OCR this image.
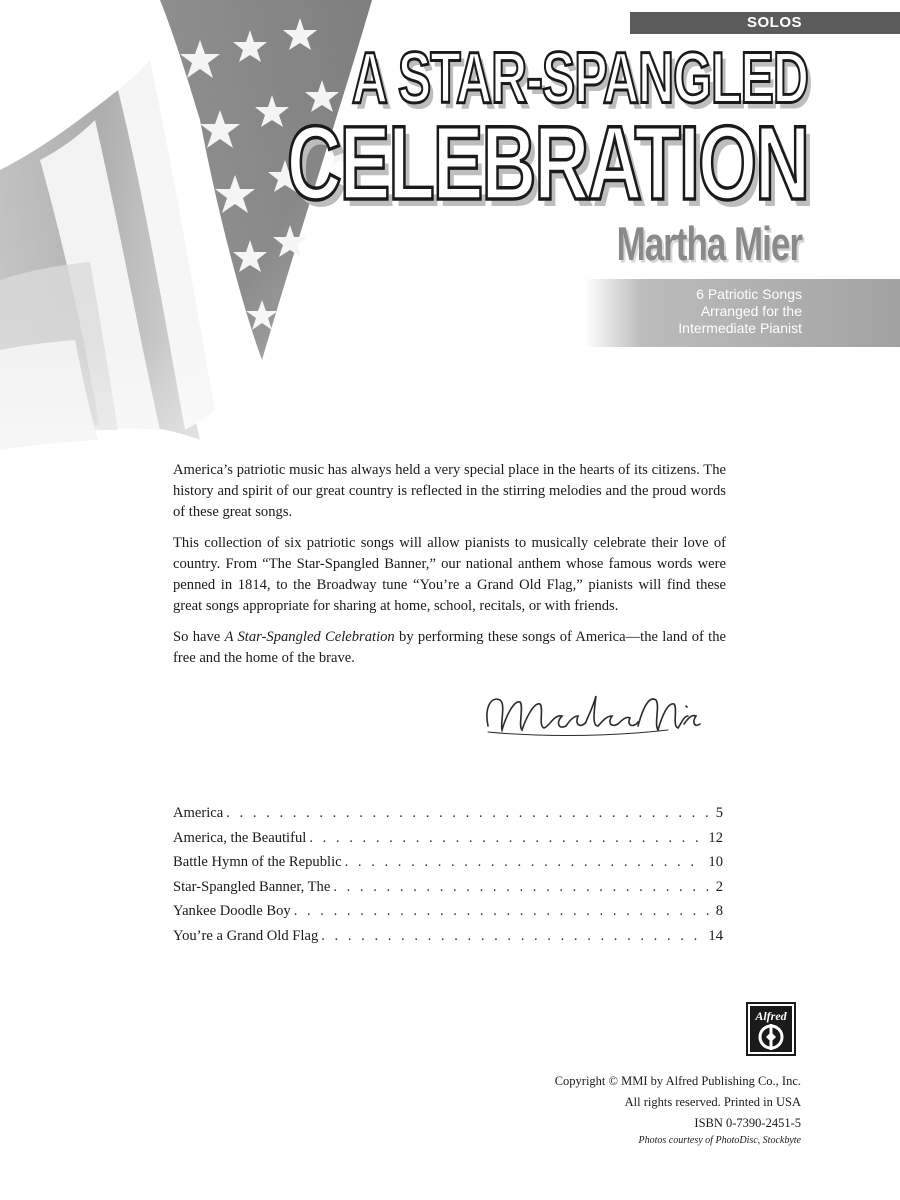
SOLOS
A STAR-SPANGLED
CELEBRATION
Martha Mier
6 Patriotic Songs
Arranged for the
Intermediate Pianist

America’s patriotic music has always held a very special place in the hearts of its citizens. The history and spirit of our great country is reflected in the stirring melodies and the proud words of these great songs.

This collection of six patriotic songs will allow pianists to musically celebrate their love of country. From “The Star-Spangled Banner,” our national anthem whose famous words were penned in 1814, to the Broadway tune “You’re a Grand Old Flag,” pianists will find these great songs appropriate for sharing at home, school, recitals, or with friends.

So have A Star-Spangled Celebration by performing these songs of America—the land of the free and the home of the brave.

America . . .	5
America, the Beautiful . . .	12
Battle Hymn of the Republic . . .	10
Star-Spangled Banner, The . . .	2
Yankee Doodle Boy . . .	8
You’re a Grand Old Flag . . .	14
Alfred
Copyright © MMI by Alfred Publishing Co., Inc.
All rights reserved. Printed in USA
ISBN 0-7390-2451-5
Photos courtesy of PhotoDisc, Stockbyte
